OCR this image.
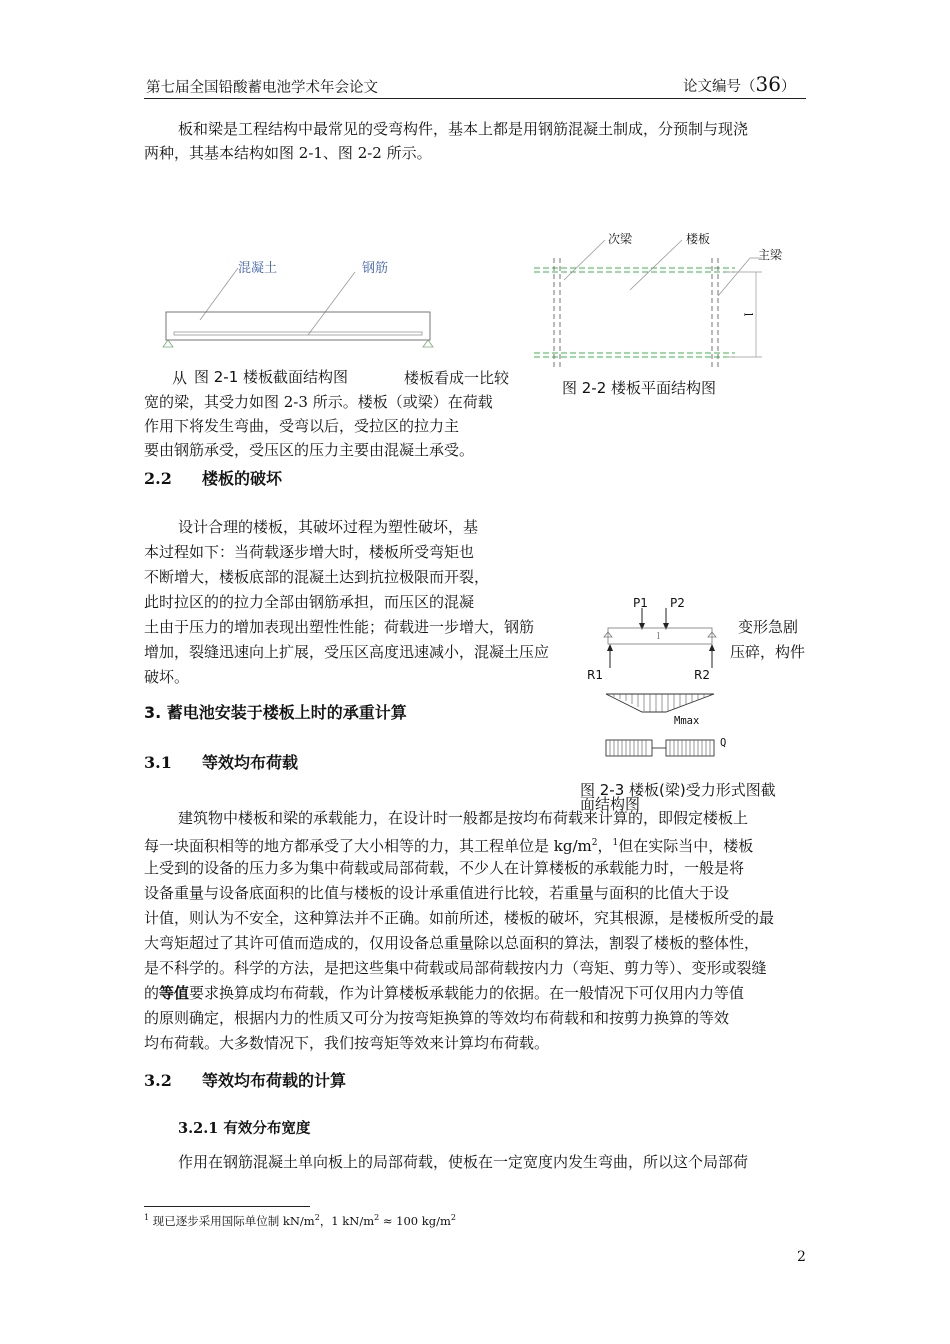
第七届全国铅酸蓄电池学术年会论文	论文编号（36）
板和梁是工程结构中最常见的受弯构件，基本上都是用钢筋混凝土制成，分预制与现浇
两种，其基本结构如图 2-1、图 2-2 所示。
混凝土	钢筋
图 2-1 楼板截面结构图
次梁	楼板
主梁
l
图 2-2 楼板平面结构图
从	楼板看成一比较
宽的梁，其受力如图 2-3 所示。楼板（或梁）在荷载
作用下将发生弯曲，受弯以后，受拉区的拉力主
要由钢筋承受，受压区的压力主要由混凝土承受。
2.2 楼板的破坏
设计合理的楼板，其破坏过程为塑性破坏，基
本过程如下：当荷载逐步增大时，楼板所受弯矩也
不断增大，楼板底部的混凝土达到抗拉极限而开裂，
此时拉区的的拉力全部由钢筋承担，而压区的混凝
土由于压力的增加表现出塑性性能；荷载进一步增大，钢筋	变形急剧
增加，裂缝迅速向上扩展，受压区高度迅速减小，混凝土压应	压碎，构件
破坏。
P1 P2
l
R1	R2
Mmax
Q
图 2-3 楼板(梁)受力形式图截
面结构图
3. 蓄电池安装于楼板上时的承重计算
3.1 等效均布荷载
建筑物中楼板和梁的承载能力，在设计时一般都是按均布荷载来计算的，即假定楼板上
每一块面积相等的地方都承受了大小相等的力，其工程单位是 $kg/m^2$，$^1$但在实际当中，楼板
上受到的设备的压力多为集中荷载或局部荷载，不少人在计算楼板的承载能力时，一般是将
设备重量与设备底面积的比值与楼板的设计承重值进行比较，若重量与面积的比值大于设
计值，则认为不安全，这种算法并不正确。如前所述，楼板的破坏，究其根源，是楼板所受的最
大弯矩超过了其许可值而造成的，仅用设备总重量除以总面积的算法，割裂了楼板的整体性，
是不科学的。科学的方法，是把这些集中荷载或局部荷载按内力（弯矩、剪力等）、变形或裂缝
的等值要求换算成均布荷载，作为计算楼板承载能力的依据。在一般情况下可仅用内力等值
的原则确定，根据内力的性质又可分为按弯矩换算的等效均布荷载和和按剪力换算的等效
均布荷载。大多数情况下，我们按弯矩等效来计算均布荷载。
3.2 等效均布荷载的计算
3.2.1 有效分布宽度
作用在钢筋混凝土单向板上的局部荷载，使板在一定宽度内发生弯曲，所以这个局部荷
$^1$ 现已逐步采用国际单位制 $kN/m^2$，1 $kN/m^2 \approx 100$ $kg/m^2$
2
